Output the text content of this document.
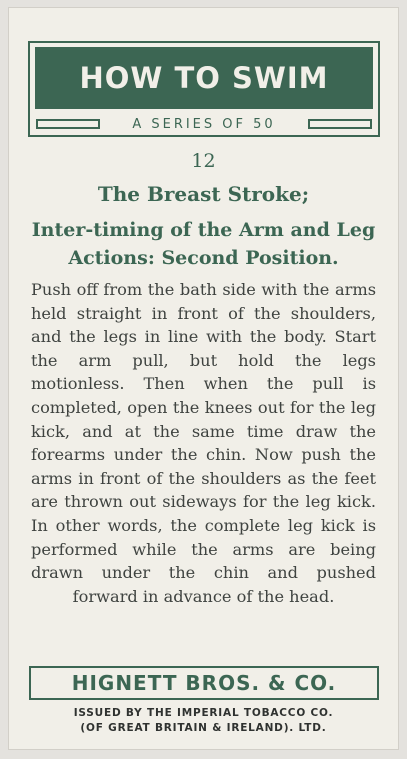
HOW TO SWIM
A SERIES OF 50
12
The Breast Stroke;
Inter-timing of the Arm and Leg Actions: Second Position.
Push off from the bath side with the arms held straight in front of the shoulders, and the legs in line with the body. Start the arm pull, but hold the legs motionless. Then when the pull is completed, open the knees out for the leg kick, and at the same time draw the forearms under the chin. Now push the arms in front of the shoulders as the feet are thrown out sideways for the leg kick. In other words, the complete leg kick is performed while the arms are being drawn under the chin and pushed forward in advance of the head.
HIGNETT BROS. & CO.
ISSUED BY THE IMPERIAL TOBACCO CO.
(OF GREAT BRITAIN & IRELAND). LTD.
